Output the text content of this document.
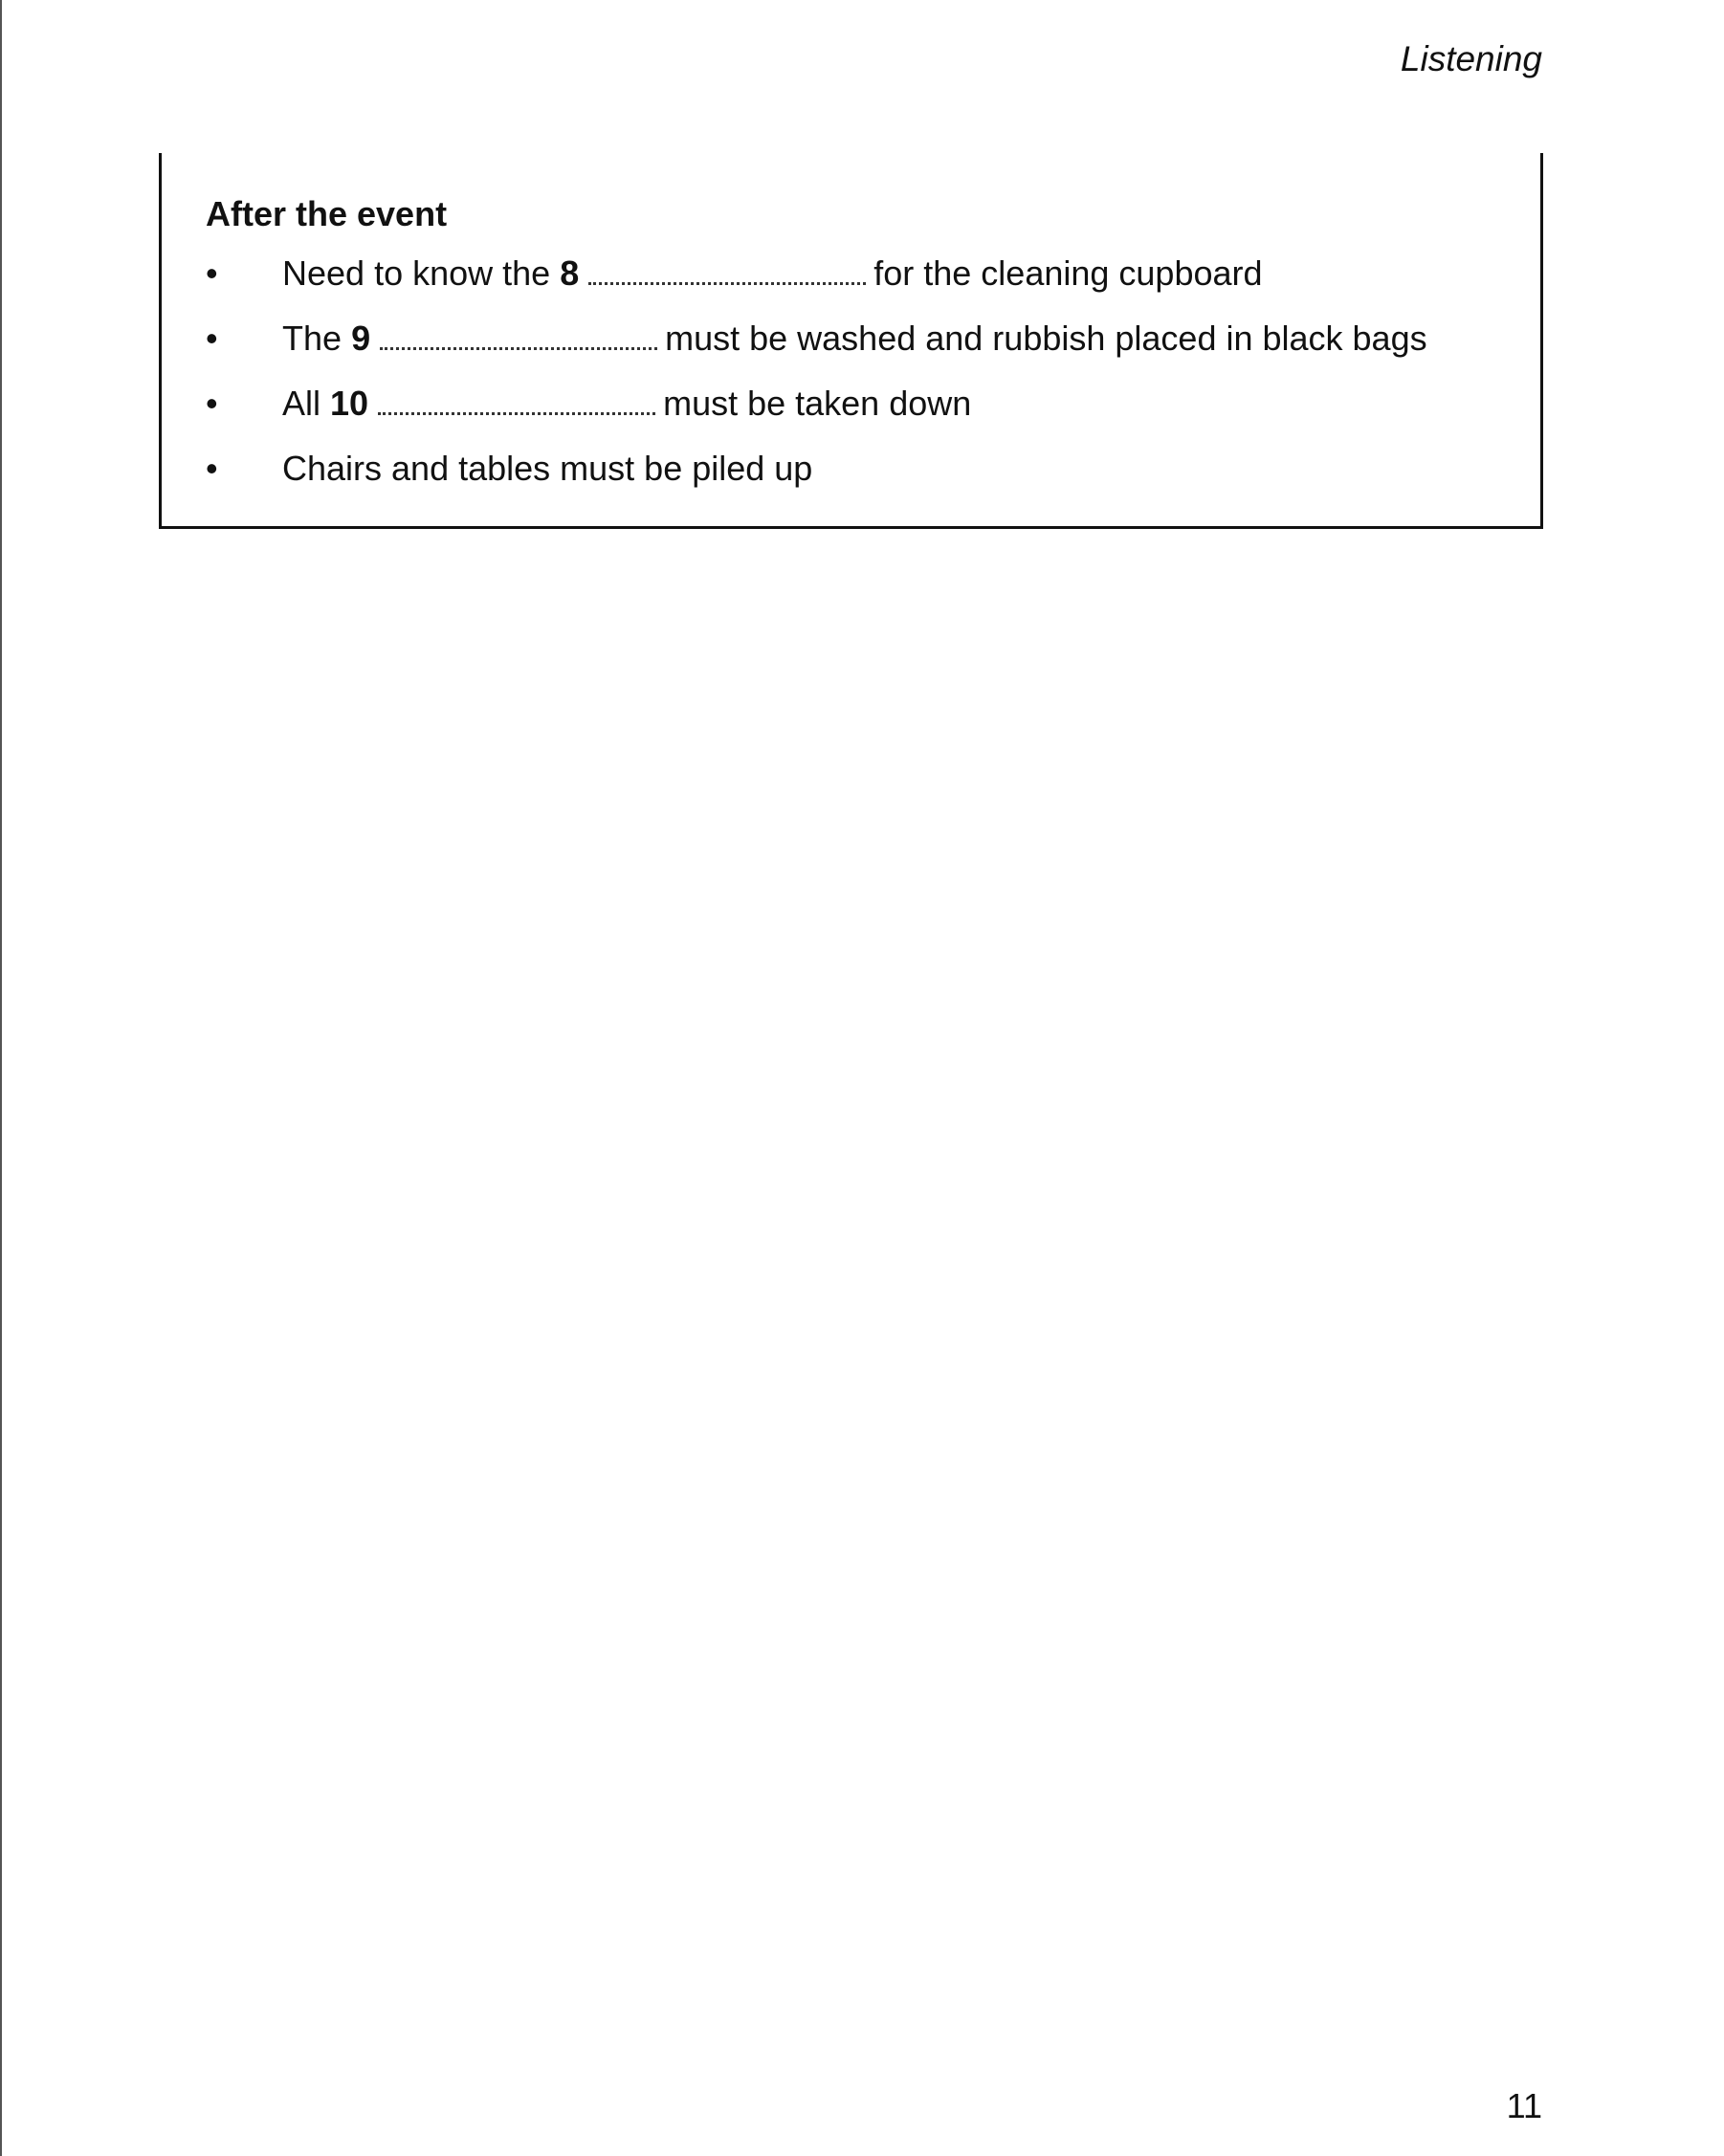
Listening
After the event
• Need to know the 8	for the cleaning cupboard
• The 9	must be washed and rubbish placed in black bags
• All 10	must be taken down
• Chairs and tables must be piled up
11
